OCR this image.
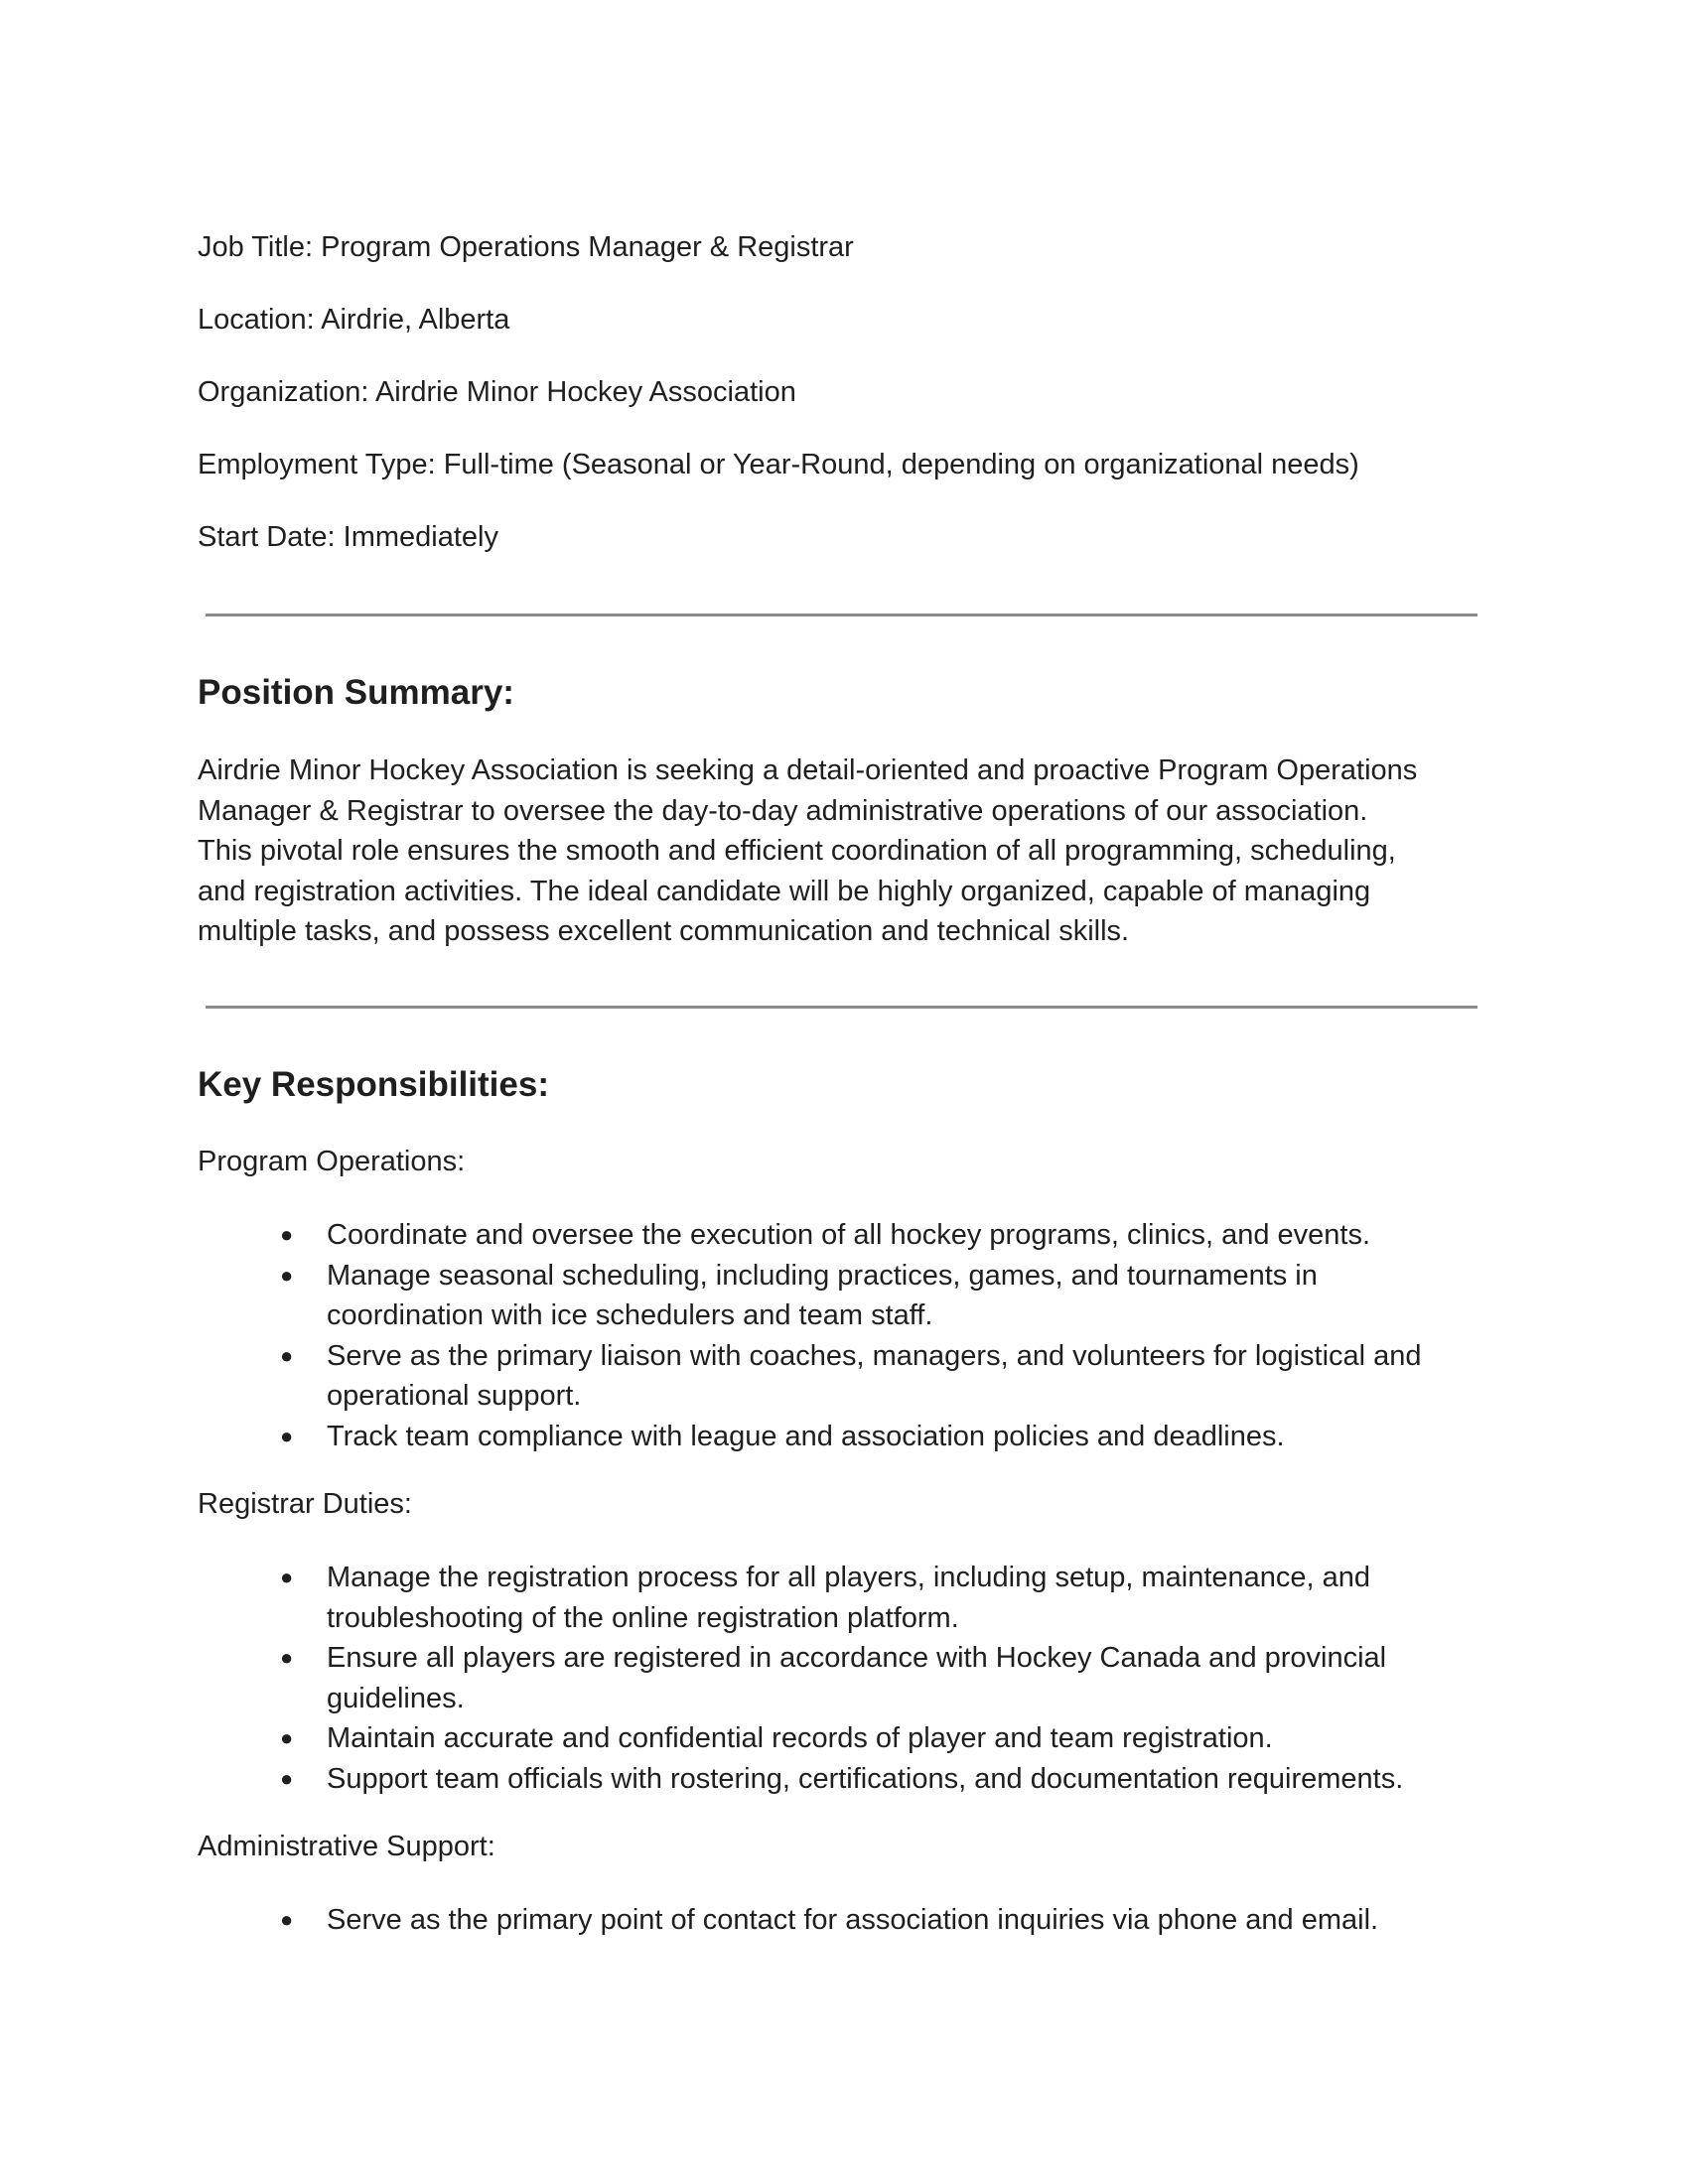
Job Title: Program Operations Manager & Registrar
Location: Airdrie, Alberta
Organization: Airdrie Minor Hockey Association
Employment Type: Full-time (Seasonal or Year-Round, depending on organizational needs)
Start Date: Immediately
Position Summary:
Airdrie Minor Hockey Association is seeking a detail-oriented and proactive Program Operations
Manager & Registrar to oversee the day-to-day administrative operations of our association.
This pivotal role ensures the smooth and efficient coordination of all programming, scheduling,
and registration activities. The ideal candidate will be highly organized, capable of managing
multiple tasks, and possess excellent communication and technical skills.
Key Responsibilities:
Program Operations:
● Coordinate and oversee the execution of all hockey programs, clinics, and events.
● Manage seasonal scheduling, including practices, games, and tournaments in
coordination with ice schedulers and team staff.
● Serve as the primary liaison with coaches, managers, and volunteers for logistical and
operational support.
● Track team compliance with league and association policies and deadlines.
Registrar Duties:
● Manage the registration process for all players, including setup, maintenance, and
troubleshooting of the online registration platform.
● Ensure all players are registered in accordance with Hockey Canada and provincial
guidelines.
● Maintain accurate and confidential records of player and team registration.
● Support team officials with rostering, certifications, and documentation requirements.
Administrative Support:
● Serve as the primary point of contact for association inquiries via phone and email.
